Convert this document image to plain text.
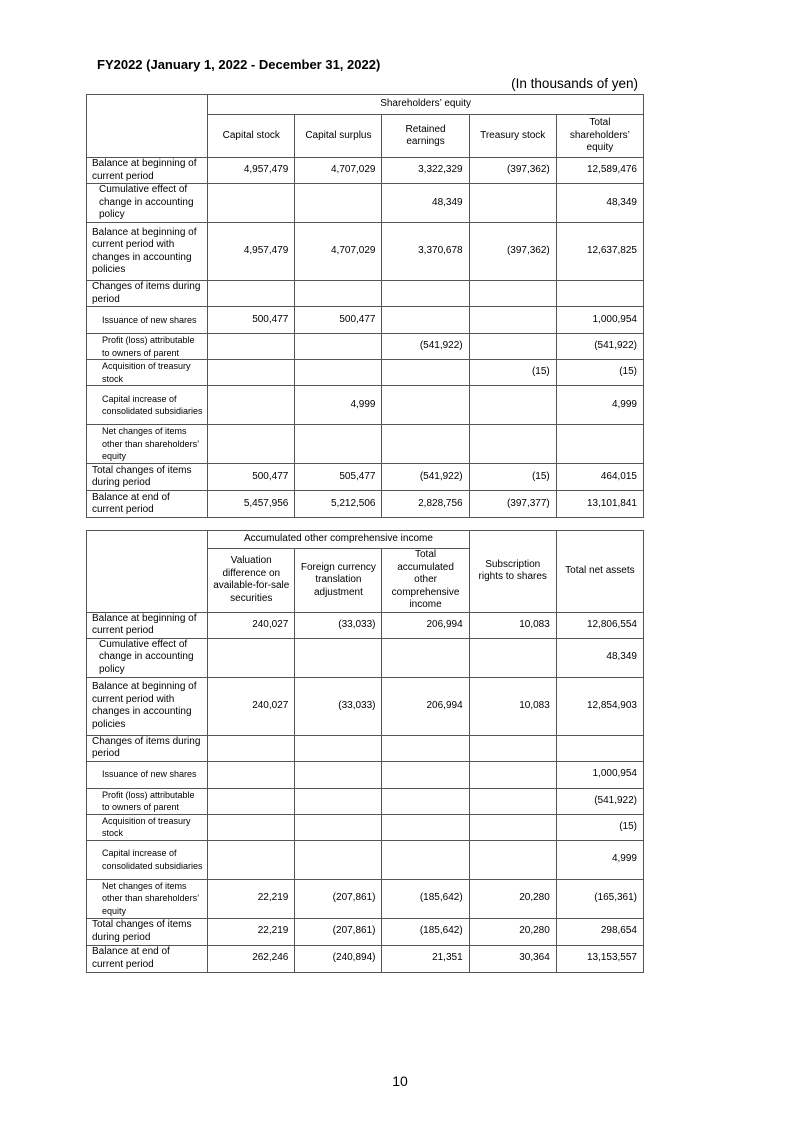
FY2022 (January 1, 2022 - December 31, 2022)
(In thousands of yen)
	Shareholders’ equity				
	Capital stock	Capital surplus	Retained earnings	Treasury stock	Total shareholders’ equity
Balance at beginning of current period	4,957,479	4,707,029	3,322,329	(397,362)	12,589,476
Cumulative effect of change in accounting policy			48,349		48,349
Balance at beginning of current period with changes in accounting policies	4,957,479	4,707,029	3,370,678	(397,362)	12,637,825
Changes of items during period					
Issuance of new shares	500,477	500,477			1,000,954
Profit (loss) attributable to owners of parent			(541,922)		(541,922)
Acquisition of treasury stock				(15)	(15)
Capital increase of consolidated subsidiaries		4,999			4,999
Net changes of items other than shareholders’ equity					
Total changes of items during period	500,477	505,477	(541,922)	(15)	464,015
Balance at end of current period	5,457,956	5,212,506	2,828,756	(397,377)	13,101,841
	Accumulated other comprehensive income			Subscription rights to shares	Total net assets
	Valuation difference on available-for-sale securities	Foreign currency translation adjustment	Total accumulated other comprehensive income		
Balance at beginning of current period	240,027	(33,033)	206,994	10,083	12,806,554
Cumulative effect of change in accounting policy					48,349
Balance at beginning of current period with changes in accounting policies	240,027	(33,033)	206,994	10,083	12,854,903
Changes of items during period					
Issuance of new shares					1,000,954
Profit (loss) attributable to owners of parent					(541,922)
Acquisition of treasury stock					(15)
Capital increase of consolidated subsidiaries					4,999
Net changes of items other than shareholders’ equity	22,219	(207,861)	(185,642)	20,280	(165,361)
Total changes of items during period	22,219	(207,861)	(185,642)	20,280	298,654
Balance at end of current period	262,246	(240,894)	21,351	30,364	13,153,557
10
